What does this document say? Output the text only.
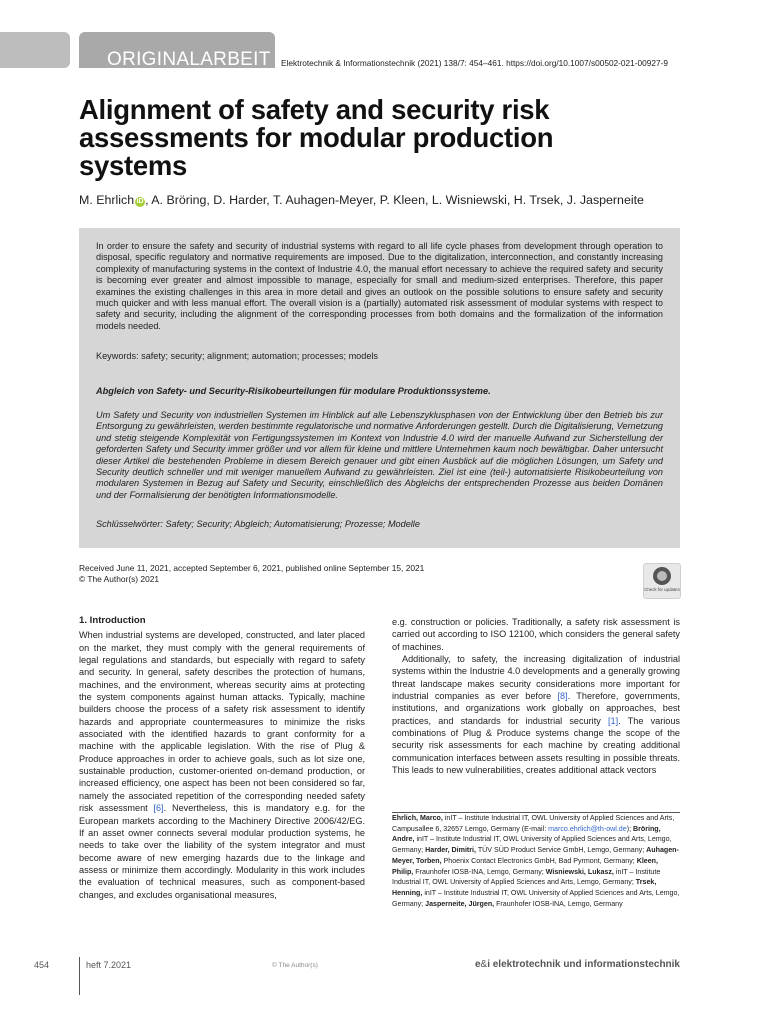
ORIGINALARBEIT	Elektrotechnik & Informationstechnik (2021) 138/7: 454–461. https://doi.org/10.1007/s00502-021-00927-9
Alignment of safety and security risk assessments for modular production systems
M. Ehrlich iD , A. Bröring, D. Harder, T. Auhagen-Meyer, P. Kleen, L. Wisniewski, H. Trsek, J. Jasperneite
In order to ensure the safety and security of industrial systems with regard to all life cycle phases from development through operation to disposal, specific regulatory and normative requirements are imposed. Due to the digitalization, interconnection, and constantly increasing complexity of manufacturing systems in the context of Industrie 4.0, the manual effort necessary to achieve the required safety and security is becoming ever greater and almost impossible to manage, especially for small and medium-sized enterprises. Therefore, this paper examines the existing challenges in this area in more detail and gives an outlook on the possible solutions to ensure safety and security much quicker and with less manual effort. The overall vision is a (partially) automated risk assessment of modular systems with respect to safety and security, including the alignment of the corresponding processes from both domains and the formalization of the information models needed.
Keywords: safety; security; alignment; automation; processes; models
Abgleich von Safety- und Security-Risikobeurteilungen für modulare Produktionssysteme.
Um Safety und Security von industriellen Systemen im Hinblick auf alle Lebenszyklusphasen von der Entwicklung über den Betrieb bis zur Entsorgung zu gewährleisten, werden bestimmte regulatorische und normative Anforderungen gestellt. Durch die Digitalisierung, Vernetzung und stetig steigende Komplexität von Fertigungssystemen im Kontext von Industrie 4.0 wird der manuelle Aufwand zur Sicherstellung der geforderten Safety und Security immer größer und vor allem für kleine und mittlere Unternehmen kaum noch bewältigbar. Daher untersucht dieser Artikel die bestehenden Probleme in diesem Bereich genauer und gibt einen Ausblick auf die möglichen Lösungen, um Safety und Security deutlich schneller und mit weniger manuellem Aufwand zu gewährleisten. Ziel ist eine (teil-) automatisierte Risikobeurteilung von modularen Systemen in Bezug auf Safety und Security, einschließlich des Abgleichs der entsprechenden Prozesse aus beiden Domänen und der Formalisierung der benötigten Informationsmodelle.
Schlüsselwörter: Safety; Security; Abgleich; Automatisierung; Prozesse; Modelle
Received June 11, 2021, accepted September 6, 2021, published online September 15, 2021
© The Author(s) 2021
Check for updates
1. Introduction

When industrial systems are developed, constructed, and later placed on the market, they must comply with the general requirements of legal regulations and standards, but especially with regard to safety and security. In general, safety describes the protection of humans, machines, and the environment, whereas security aims at protecting the system components against human attacks. Typically, machine builders choose the process of a safety risk assessment to identify hazards and appropriate countermeasures to minimize the risks associated with the identified hazards to grant conformity for a machine with the applicable legislation. With the rise of Plug & Produce approaches in order to achieve goals, such as lot size one, sustainable production, customer-oriented on-demand production, or increased efficiency, one aspect has been not been considered so far, namely the associated repetition of the corresponding needed safety risk assessment [6]. Nevertheless, this is mandatory e.g. for the European markets according to the Machinery Directive 2006/42/EG. If an asset owner connects several modular production systems, he needs to take over the liability of the system integrator and must become aware of new emerging hazards due to the linkage and assess or minimize them accordingly. Modularity in this work includes the evaluation of technical measures, such as component-based changes, and excludes organisational measures,

e.g. construction or policies. Traditionally, a safety risk assessment is carried out according to ISO 12100, which considers the general safety of machines.

Additionally, to safety, the increasing digitalization of industrial systems within the Industrie 4.0 developments and a generally growing threat landscape makes security considerations more important for industrial companies as ever before [8]. Therefore, governments, institutions, and organizations work globally on approaches, best practices, and standards for industrial security [1]. The various combinations of Plug & Produce systems change the scope of the security risk assessments for each machine by creating additional communication interfaces between assets resulting in possible threats. This leads to new vulnerabilities, creates additional attack vectors

Ehrlich, Marco, inIT – Institute Industrial IT, OWL University of Applied Sciences and Arts, Campusallee 6, 32657 Lemgo, Germany (E-mail: marco.ehrlich@th-owl.de); Bröring, Andre, inIT – Institute Industrial IT, OWL University of Applied Sciences and Arts, Lemgo, Germany; Harder, Dimitri, TÜV SÜD Product Service GmbH, Lemgo, Germany; Auhagen-Meyer, Torben, Phoenix Contact Electronics GmbH, Bad Pyrmont, Germany; Kleen, Philip, Fraunhofer IOSB-INA, Lemgo, Germany; Wisniewski, Lukasz, inIT – Institute Industrial IT, OWL University of Applied Sciences and Arts, Lemgo, Germany; Trsek, Henning, inIT – Institute Industrial IT, OWL University of Applied Sciences and Arts, Lemgo, Germany; Jasperneite, Jürgen, Fraunhofer IOSB-INA, Lemgo, Germany
454	heft 7.2021	© The Author(s)	e&i elektrotechnik und informationstechnik
